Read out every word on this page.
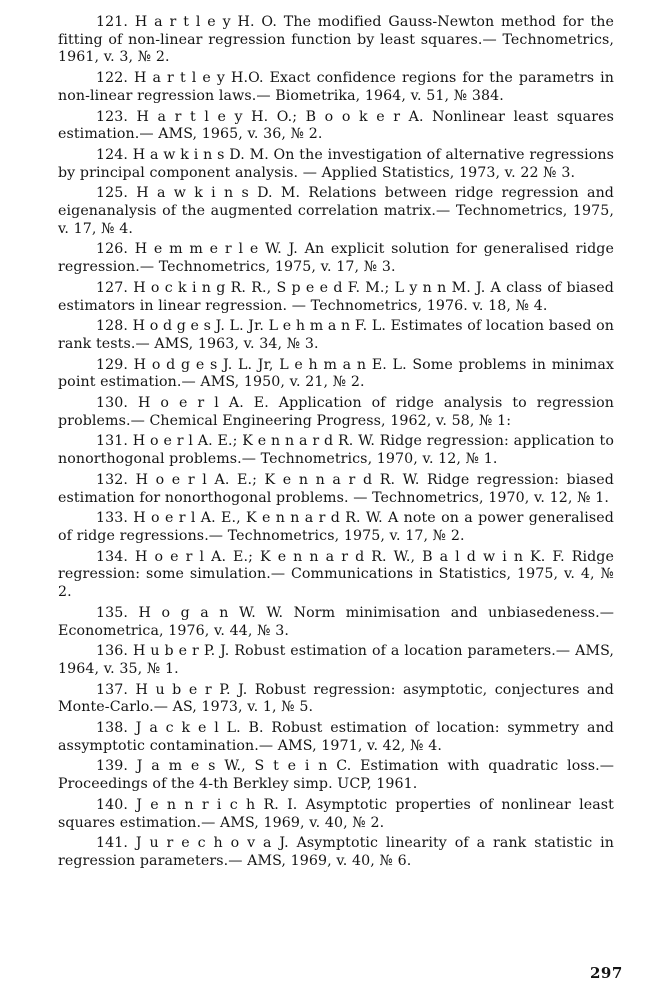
121. H a r t l e y H. O. The modified Gauss-Newton method for the fitting of non-linear regression function by least squares.— Technometrics, 1961, v. 3, № 2.
122. H a r t l e y H.O. Exact confidence regions for the parametrs in non-linear regression laws.— Biometrika, 1964, v. 51, № 384.
123. H a r t l e y H. O.; B o o k e r A. Nonlinear least squares estimation.— AMS, 1965, v. 36, № 2.
124. H a w k i n s D. M. On the investigation of alternative regressions by principal component analysis. — Applied Statistics, 1973, v. 22 № 3.
125. H a w k i n s D. M. Relations between ridge regression and eigenanalysis of the augmented correlation matrix.— Technometrics, 1975, v. 17, № 4.
126. H e m m e r l e W. J. An explicit solution for generalised ridge regression.— Technometrics, 1975, v. 17, № 3.
127. H o c k i n g R. R., S p e e d F. M.; L y n n M. J. A class of biased estimators in linear regression. — Technometrics, 1976. v. 18, № 4.
128. H o d g e s J. L. Jr. L e h m a n F. L. Estimates of location based on rank tests.— AMS, 1963, v. 34, № 3.
129. H o d g e s J. L. Jr, L e h m a n E. L. Some problems in minimax point estimation.— AMS, 1950, v. 21, № 2.
130. H o e r l A. E. Application of ridge analysis to regression problems.— Chemical Engineering Progress, 1962, v. 58, № 1:
131. H o e r l A. E.; K e n n a r d R. W. Ridge regression: application to nonorthogonal problems.— Technometrics, 1970, v. 12, № 1.
132. H o e r l A. E.; K e n n a r d R. W. Ridge regression: biased estimation for nonorthogonal problems. — Technometrics, 1970, v. 12, № 1.
133. H o e r l A. E., K e n n a r d R. W. A note on a power generalised of ridge regressions.— Technometrics, 1975, v. 17, № 2.
134. H o e r l A. E.; K e n n a r d R. W., B a l d w i n K. F. Ridge regression: some simulation.— Communications in Statistics, 1975, v. 4, № 2.
135. H o g a n W. W. Norm minimisation and unbiasedeness.— Econometrica, 1976, v. 44, № 3.
136. H u b e r P. J. Robust estimation of a location parameters.— AMS, 1964, v. 35, № 1.
137. H u b e r P. J. Robust regression: asymptotic, conjectures and Monte-Carlo.— AS, 1973, v. 1, № 5.
138. J a c k e l L. B. Robust estimation of location: symmetry and assymptotic contamination.— AMS, 1971, v. 42, № 4.
139. J a m e s W., S t e i n C. Estimation with quadratic loss.— Proceedings of the 4-th Berkley simp. UCP, 1961.
140. J e n n r i c h R. I. Asymptotic properties of nonlinear least squares estimation.— AMS, 1969, v. 40, № 2.
141. J u r e c h o v a J. Asymptotic linearity of a rank statistic in regression parameters.— AMS, 1969, v. 40, № 6.
297
